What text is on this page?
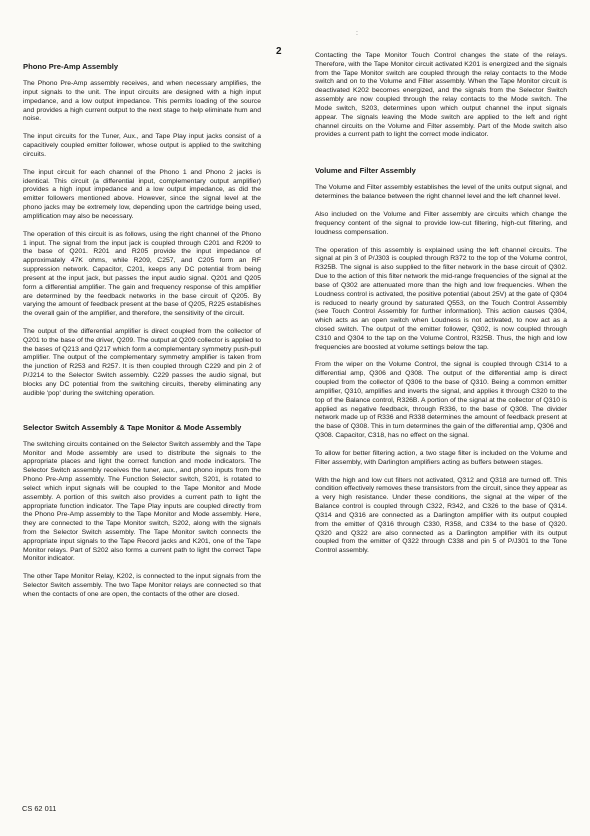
2
:
Phono Pre-Amp Assembly

The Phono Pre-Amp assembly receives, and when necessary amplifies, the input signals to the unit. The input circuits are designed with a high input impedance, and a low output impedance. This permits loading of the source and provides a high current output to the next stage to help eliminate hum and noise.

The input circuits for the Tuner, Aux., and Tape Play input jacks consist of a capacitively coupled emitter follower, whose output is applied to the switching circuits.

The input circuit for each channel of the Phono 1 and Phono 2 jacks is identical. This circuit (a differential input, complementary output amplifier) provides a high input impedance and a low output impedance, as did the emitter followers mentioned above. However, since the signal level at the phono jacks may be extremely low, depending upon the cartridge being used, amplification may also be necessary.

The operation of this circuit is as follows, using the right channel of the Phono 1 input. The signal from the input jack is coupled through C201 and R209 to the base of Q201. R201 and R205 provide the input impedance of approximately 47K ohms, while R209, C257, and C205 form an RF suppression network. Capacitor, C201, keeps any DC potential from being present at the input jack, but passes the input audio signal. Q201 and Q205 form a differential amplifier. The gain and frequency response of this amplifier are determined by the feedback networks in the base circuit of Q205. By varying the amount of feedback present at the base of Q205, R225 establishes the overall gain of the amplifier, and therefore, the sensitivity of the circuit.

The output of the differential amplifier is direct coupled from the collector of Q201 to the base of the driver, Q209. The output at Q209 collector is applied to the bases of Q213 and Q217 which form a complementary symmetry push-pull amplifier. The output of the complementary symmetry amplifier is taken from the junction of R253 and R257. It is then coupled through C229 and pin 2 of P/J214 to the Selector Switch assembly. C229 passes the audio signal, but blocks any DC potential from the switching circuits, thereby eliminating any audible 'pop' during the switching operation.

Selector Switch Assembly & Tape Monitor & Mode Assembly

The switching circuits contained on the Selector Switch assembly and the Tape Monitor and Mode assembly are used to distribute the signals to the appropriate places and light the correct function and mode indicators. The Selector Switch assembly receives the tuner, aux., and phono inputs from the Phono Pre-Amp assembly. The Function Selector switch, S201, is rotated to select which input signals will be coupled to the Tape Monitor and Mode assembly. A portion of this switch also provides a current path to light the appropriate function indicator. The Tape Play inputs are coupled directly from the Phono Pre-Amp assembly to the Tape Monitor and Mode assembly. Here, they are connected to the Tape Monitor switch, S202, along with the signals from the Selector Switch assembly. The Tape Monitor switch connects the appropriate input signals to the Tape Record jacks and K201, one of the Tape Monitor relays. Part of S202 also forms a current path to light the correct Tape Monitor indicator.

The other Tape Monitor Relay, K202, is connected to the input signals from the Selector Switch assembly. The two Tape Monitor relays are connected so that when the contacts of one are open, the contacts of the other are closed.

Contacting the Tape Monitor Touch Control changes the state of the relays. Therefore, with the Tape Monitor circuit activated K201 is energized and the signals from the Tape Monitor switch are coupled through the relay contacts to the Mode switch and on to the Volume and Filter assembly. When the Tape Monitor circuit is deactivated K202 becomes energized, and the signals from the Selector Switch assembly are now coupled through the relay contacts to the Mode switch. The Mode switch, S203, determines upon which output channel the input signals appear. The signals leaving the Mode switch are applied to the left and right channel circuits on the Volume and Filter assembly. Part of the Mode switch also provides a current path to light the correct mode indicator.

Volume and Filter Assembly

The Volume and Filter assembly establishes the level of the units output signal, and determines the balance between the right channel level and the left channel level.

Also included on the Volume and Filter assembly are circuits which change the frequency content of the signal to provide low-cut filtering, high-cut filtering, and loudness compensation.

The operation of this assembly is explained using the left channel circuits. The signal at pin 3 of P/J303 is coupled through R372 to the top of the Volume control, R325B. The signal is also supplied to the filter network in the base circuit of Q302. Due to the action of this filter network the mid-range frequencies of the signal at the base of Q302 are attenuated more than the high and low frequencies. When the Loudness control is activated, the positive potential (about 25V) at the gate of Q304 is reduced to nearly ground by saturated Q553, on the Touch Control Assembly (see Touch Control Assembly for further information). This action causes Q304, which acts as an open switch when Loudness is not activated, to now act as a closed switch. The output of the emitter follower, Q302, is now coupled through C310 and Q304 to the tap on the Volume Control, R325B. Thus, the high and low frequencies are boosted at volume settings below the tap.

From the wiper on the Volume Control, the signal is coupled through C314 to a differential amp, Q306 and Q308. The output of the differential amp is direct coupled from the collector of Q306 to the base of Q310. Being a common emitter amplifier, Q310, amplifies and inverts the signal, and applies it through C320 to the top of the Balance control, R326B. A portion of the signal at the collector of Q310 is applied as negative feedback, through R336, to the base of Q308. The divider network made up of R336 and R338 determines the amount of feedback present at the base of Q308. This in turn determines the gain of the differential amp, Q306 and Q308. Capacitor, C318, has no effect on the signal.

To allow for better filtering action, a two stage filter is included on the Volume and Filter assembly, with Darlington amplifiers acting as buffers between stages.

With the high and low cut filters not activated, Q312 and Q318 are turned off. This condition effectively removes these transistors from the circuit, since they appear as a very high resistance. Under these conditions, the signal at the wiper of the Balance control is coupled through C322, R342, and C326 to the base of Q314. Q314 and Q316 are connected as a Darlington amplifier with its output coupled from the emitter of Q316 through C330, R358, and C334 to the base of Q320. Q320 and Q322 are also connected as a Darlington amplifier with its output coupled from the emitter of Q322 through C338 and pin 5 of P/J301 to the Tone Control assembly.

CS 62 011
